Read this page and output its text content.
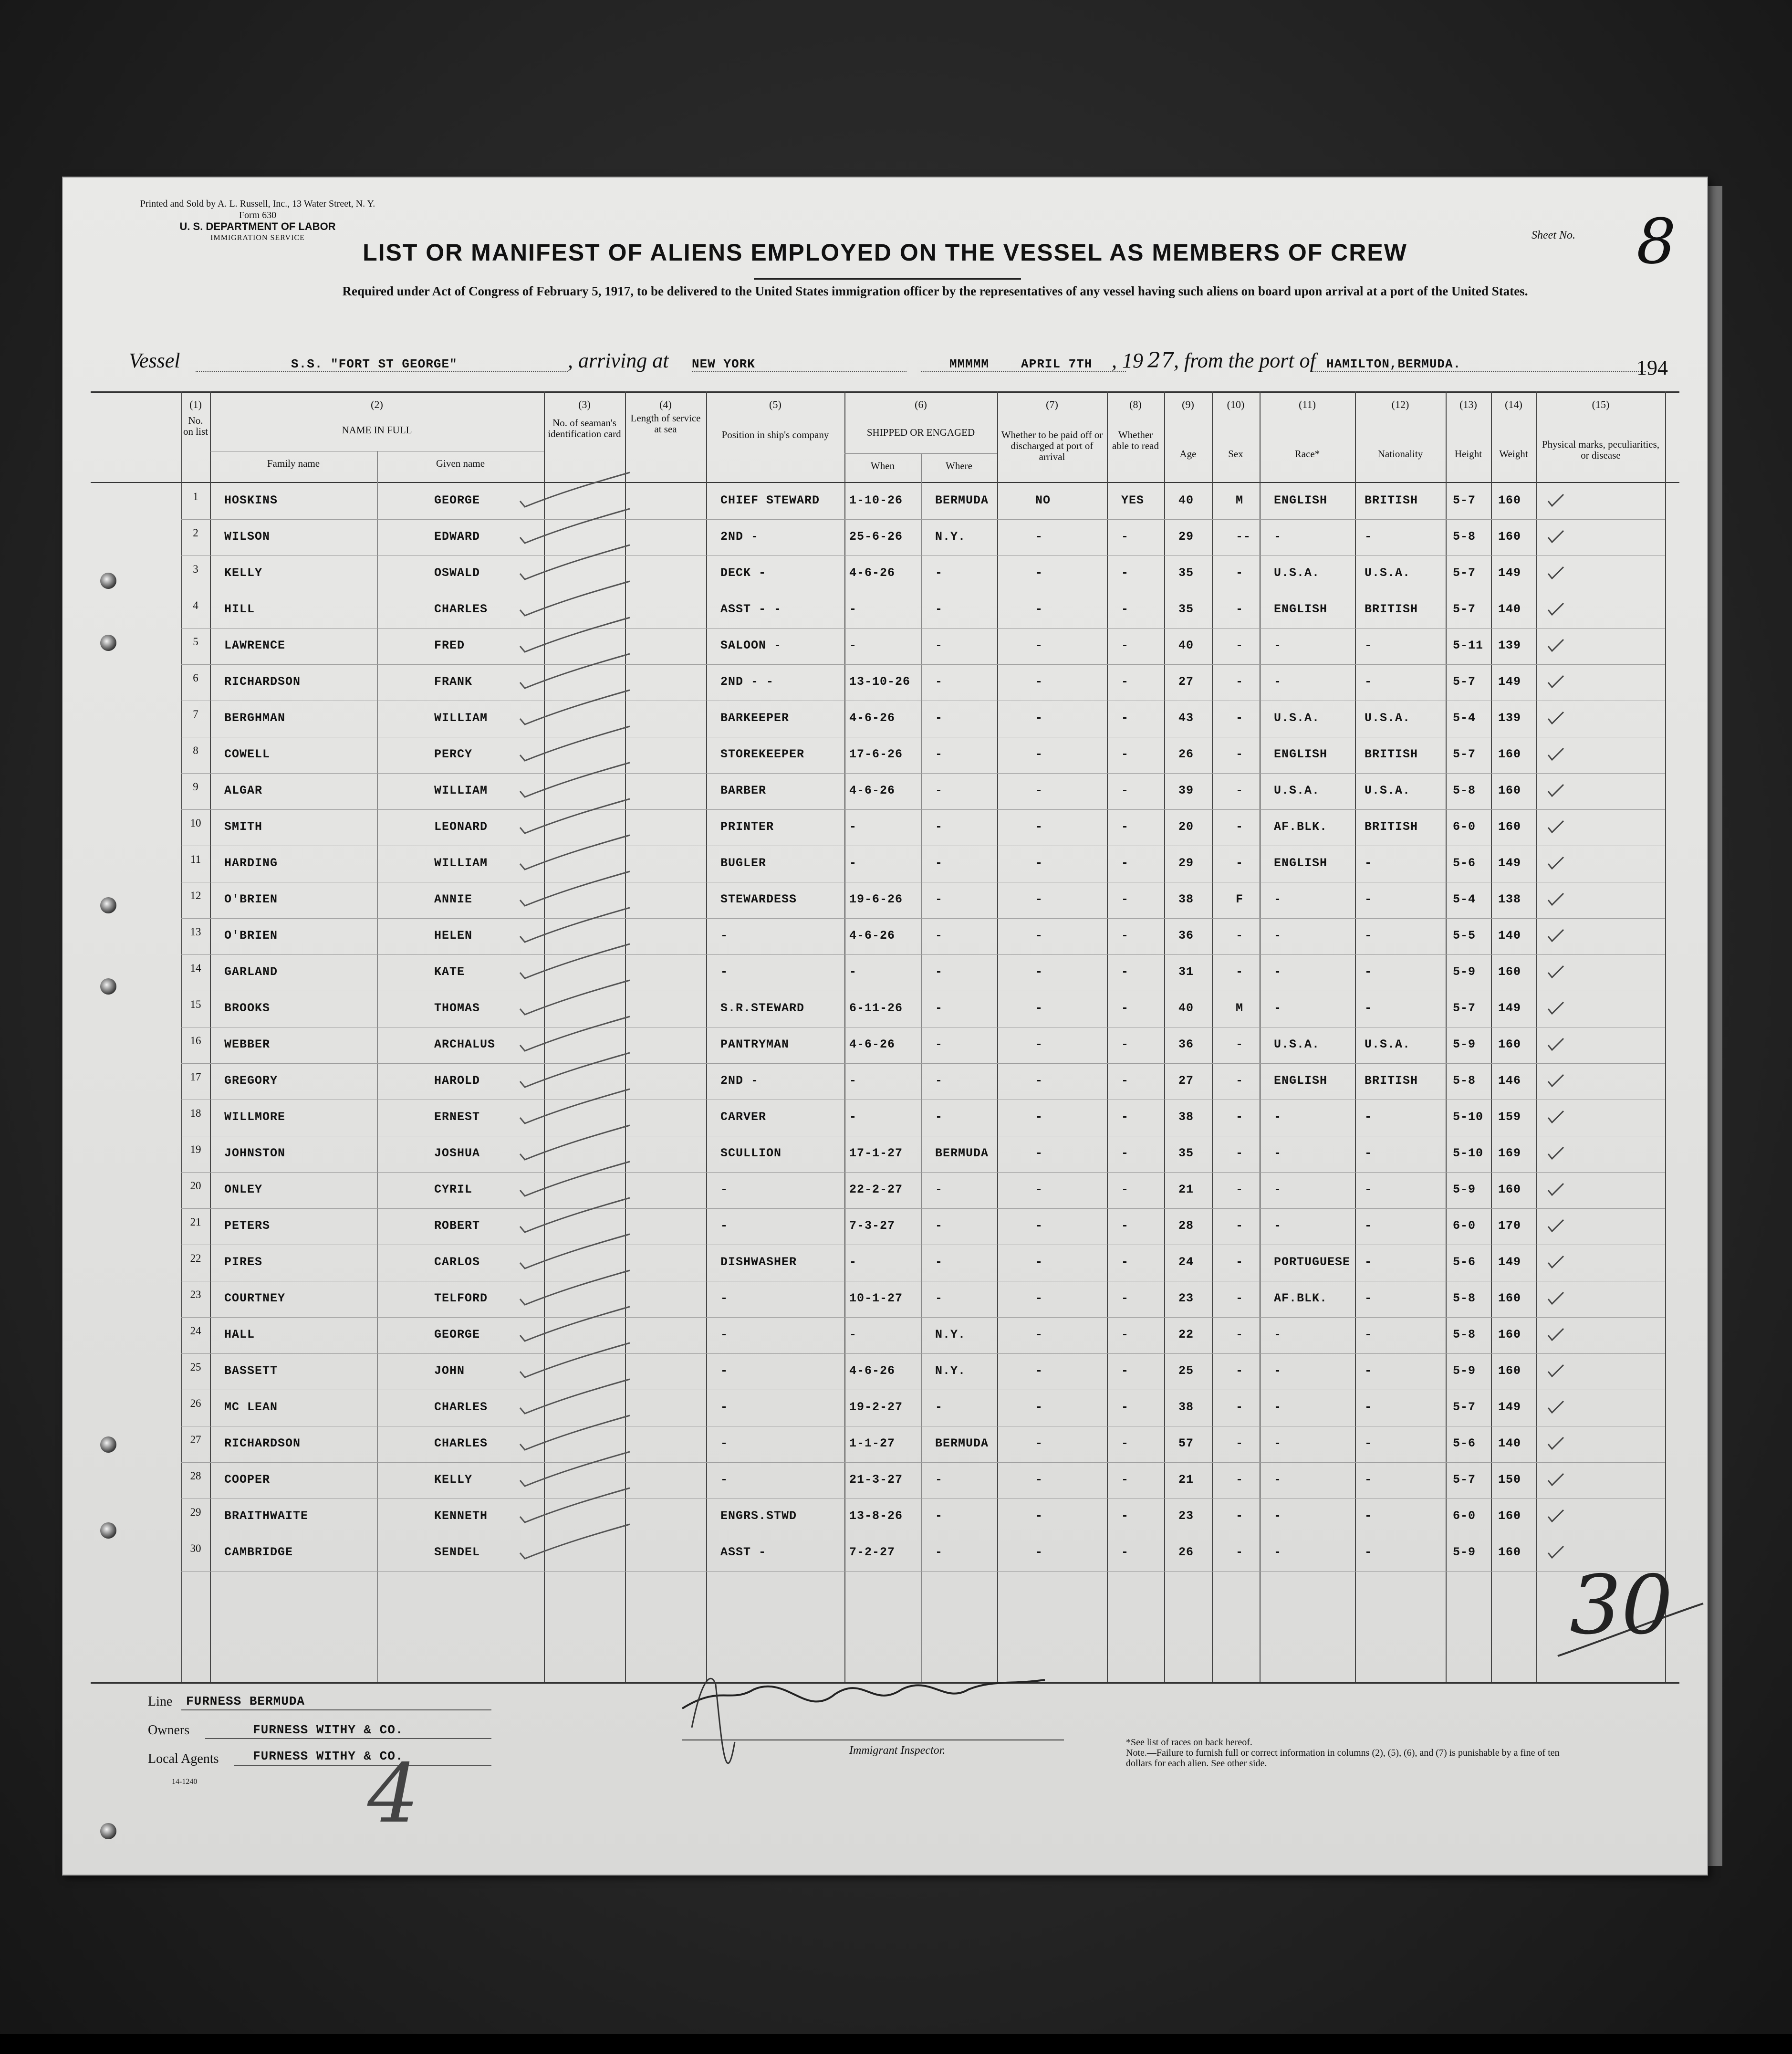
Printed and Sold by A. L. Russell, Inc., 13 Water Street, N. Y.
Form 630
U. S. DEPARTMENT OF LABOR
IMMIGRATION SERVICE	Sheet No. 8
LIST OR MANIFEST OF ALIENS EMPLOYED ON THE VESSEL AS MEMBERS OF CREW
Required under Act of Congress of February 5, 1917, to be delivered to the United States immigration officer by the representatives of any vessel having such aliens on board upon arrival at a port of the United States.
Vessel	S.S. "FORT ST GEORGE"	, arriving at NEW YORK	MMMMM	APRIL 7TH , 19 27 , from the port of HAMILTON,BERMUDA.	194
(1)
No. on list
(2)
NAME IN FULL
(3)
No. of seaman's identification card
(4)
Length of service at sea
(5)
Position in ship's company
(6)
SHIPPED OR ENGAGED
(7)
Whether to be paid off or discharged at port of arrival
(8)
Whether able to read
(9)
Age
(10)
Sex
(11)
Race*
(12)
Nationality
(13)
Height
(14)
Weight
(15)
Physical marks, peculiarities, or disease
Family name	Given name	When	Where
1	HOSKINS	GEORGE	CHIEF STEWARD 1-10-26	BERMUDA	NO	YES	40	M	ENGLISH	BRITISH	5-7 160
2	WILSON	EDWARD	2ND -	25-6-26	N.Y.	-	-	29	-- -	-	5-8 160
3	KELLY	OSWALD	DECK -	4-6-26	-	-	-	35	-	U.S.A.	U.S.A.	5-7 149
4	HILL	CHARLES	ASST - -	-	-	-	-	35	-	ENGLISH	BRITISH	5-7 140
5	LAWRENCE	FRED	SALOON -	-	-	-	-	40	-	-	-	5-11 139
6	RICHARDSON	FRANK	2ND - -	13-10-26 -	-	-	27	-	-	-	5-7 149
7	BERGHMAN	WILLIAM	BARKEEPER	4-6-26	-	-	-	43	-	U.S.A.	U.S.A.	5-4 139
8	COWELL	PERCY	STOREKEEPER	17-6-26	-	-	-	26	-	ENGLISH	BRITISH	5-7 160
9	ALGAR	WILLIAM	BARBER	4-6-26	-	-	-	39	-	U.S.A.	U.S.A.	5-8 160
10	SMITH	LEONARD	PRINTER	-	-	-	-	20	-	AF.BLK.	BRITISH	6-0 160
11	HARDING	WILLIAM	BUGLER	-	-	-	-	29	-	ENGLISH	-	5-6 149
12	O'BRIEN	ANNIE	STEWARDESS	19-6-26	-	-	-	38	F	-	-	5-4 138
13	O'BRIEN	HELEN	-	4-6-26	-	-	-	36	-	-	-	5-5 140
14	GARLAND	KATE	-	-	-	-	-	31	-	-	-	5-9 160
15	BROOKS	THOMAS	S.R.STEWARD	6-11-26	-	-	-	40	M	-	-	5-7 149
16	WEBBER	ARCHALUS	PANTRYMAN	4-6-26	-	-	-	36	-	U.S.A.	U.S.A.	5-9 160
17	GREGORY	HAROLD	2ND -	-	-	-	-	27	-	ENGLISH	BRITISH	5-8 146
18	WILLMORE	ERNEST	CARVER	-	-	-	-	38	-	-	-	5-10 159
19	JOHNSTON	JOSHUA	SCULLION	17-1-27	BERMUDA	-	-	35	-	-	-	5-10 169
20	ONLEY	CYRIL	-	22-2-27	-	-	-	21	-	-	-	5-9 160
21	PETERS	ROBERT	-	7-3-27	-	-	-	28	-	-	-	6-0 170
22	PIRES	CARLOS	DISHWASHER	-	-	-	-	24	-	PORTUGUESE -	5-6 149
23	COURTNEY	TELFORD	-	10-1-27	-	-	-	23	-	AF.BLK.	-	5-8 160
24	HALL	GEORGE	-	-	N.Y.	-	-	22	-	-	-	5-8 160
25	BASSETT	JOHN	-	4-6-26	N.Y.	-	-	25	-	-	-	5-9 160
26	MC LEAN	CHARLES	-	19-2-27	-	-	-	38	-	-	-	5-7 149
27	RICHARDSON	CHARLES	-	1-1-27	BERMUDA	-	-	57	-	-	-	5-6 140
28	COOPER	KELLY	-	21-3-27	-	-	-	21	-	-	-	5-7 150
29	BRAITHWAITE	KENNETH	ENGRS.STWD	13-8-26	-	-	-	23	-	-	-	6-0 160
30	CAMBRIDGE	SENDEL	ASST -	7-2-27	-	-	-	26	-	-	-	5-9 160
Immigrant Inspector.
Line FURNESS BERMUDA
Owners	FURNESS WITHY & CO.
Local Agents	FURNESS WITHY & CO.
14-1240 4
30
*See list of races on back hereof.
Note.—Failure to furnish full or correct information in columns (2), (5), (6), and (7) is punishable by a fine of ten dollars for each alien. See other side.
